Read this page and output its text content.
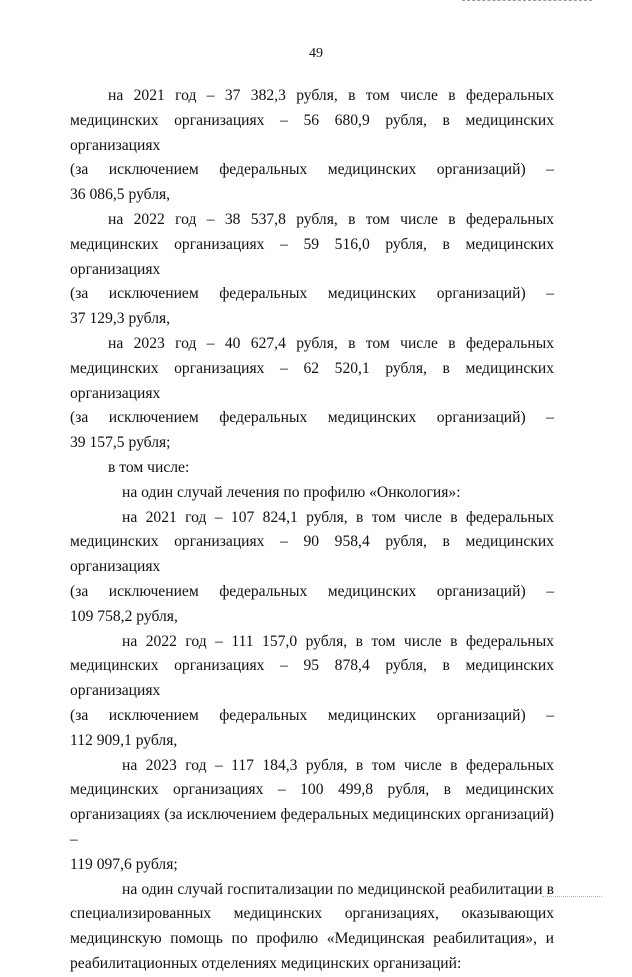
49

на 2021 год – 37 382,3 рубля, в том числе в федеральных

медицинских организациях – 56 680,9 рубля, в медицинских организациях

(за исключением федеральных медицинских организаций) –

36 086,5 рубля,

на 2022 год – 38 537,8 рубля, в том числе в федеральных

медицинских организациях – 59 516,0 рубля, в медицинских организациях

(за исключением федеральных медицинских организаций) –

37 129,3 рубля,

на 2023 год – 40 627,4 рубля, в том числе в федеральных

медицинских организациях – 62 520,1 рубля, в медицинских организациях

(за исключением федеральных медицинских организаций) –

39 157,5 рубля;

в том числе:

на один случай лечения по профилю «Онкология»:

на 2021 год – 107 824,1 рубля, в том числе в федеральных

медицинских организациях – 90 958,4 рубля, в медицинских организациях

(за исключением федеральных медицинских организаций) –

109 758,2 рубля,

на 2022 год – 111 157,0 рубля, в том числе в федеральных

медицинских организациях – 95 878,4 рубля, в медицинских организациях

(за исключением федеральных медицинских организаций) –

112 909,1 рубля,

на 2023 год – 117 184,3 рубля, в том числе в федеральных

медицинских организациях – 100 499,8 рубля, в медицинских

организациях (за исключением федеральных медицинских организаций) –

119 097,6 рубля;

на один случай госпитализации по медицинской реабилитации в

специализированных медицинских организациях, оказывающих

медицинскую помощь по профилю «Медицинская реабилитация», и

реабилитационных отделениях медицинских организаций:
